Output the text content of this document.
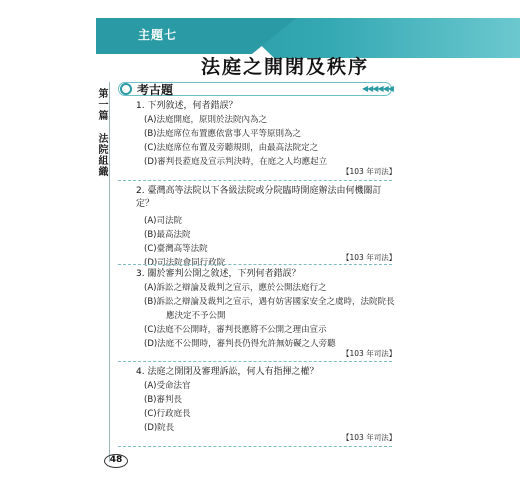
主題七
法庭之開閉及秩序
第一篇 法院組織	考古題	◀◀◀◀◀◀
1. 下列敘述，何者錯誤？
(A)法庭開庭，原則於法院內為之
(B)法庭席位布置應依當事人平等原則為之
(C)法庭席位布置及旁聽規則，由最高法院定之
(D)審判長蒞庭及宣示判決時，在庭之人均應起立
【103 年司法】
2. 臺灣高等法院以下各級法院或分院臨時開庭辦法由何機關訂定？
(A)司法院
(B)最高法院
(C)臺灣高等法院
(D)司法院會同行政院
【103 年司法】
3. 關於審判公開之敘述，下列何者錯誤？
(A)訴訟之辯論及裁判之宣示，應於公開法庭行之
(B)訴訟之辯論及裁判之宣示，遇有妨害國家安全之虞時，法院院長
應決定不予公開
(C)法庭不公開時，審判長應將不公開之理由宣示
(D)法庭不公開時，審判長仍得允許無妨礙之人旁聽
【103 年司法】
4. 法庭之開閉及審理訴訟，何人有指揮之權？
(A)受命法官
(B)審判長
(C)行政庭長
(D)院長
【103 年司法】
48
